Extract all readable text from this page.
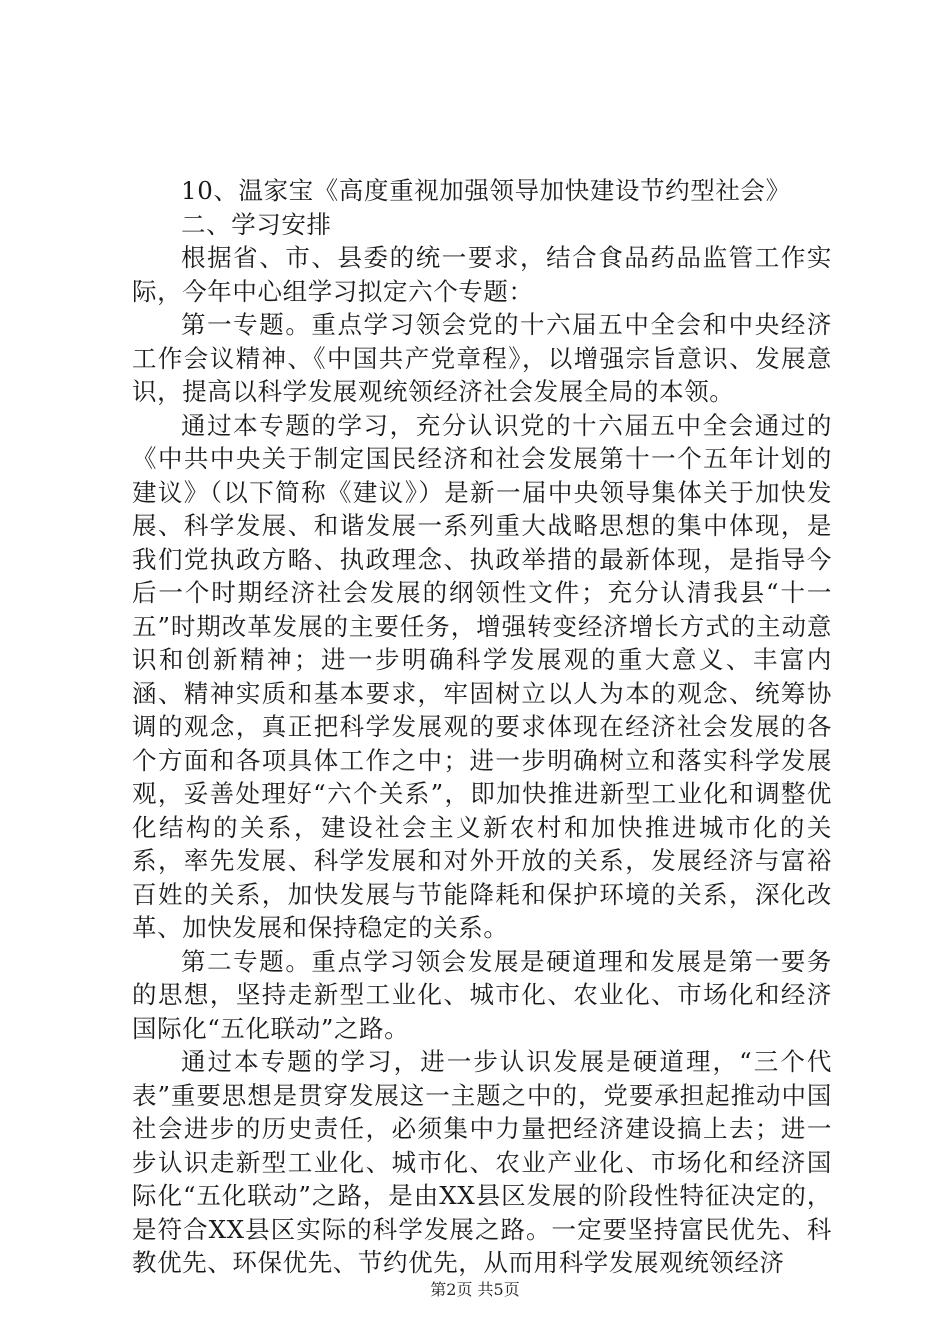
10、温家宝《高度重视加强领导加快建设节约型社会》

二、学习安排

根据省、市、县委的统一要求，结合食品药品监管工作实际，今年中心组学习拟定六个专题：

第一专题。重点学习领会党的十六届五中全会和中央经济工作会议精神、《中国共产党章程》，以增强宗旨意识、发展意识，提高以科学发展观统领经济社会发展全局的本领。

通过本专题的学习，充分认识党的十六届五中全会通过的《中共中央关于制定国民经济和社会发展第十一个五年计划的建议》（以下简称《建议》）是新一届中央领导集体关于加快发展、科学发展、和谐发展一系列重大战略思想的集中体现，是我们党执政方略、执政理念、执政举措的最新体现，是指导今后一个时期经济社会发展的纲领性文件；充分认清我县“十一五”时期改革发展的主要任务，增强转变经济增长方式的主动意识和创新精神；进一步明确科学发展观的重大意义、丰富内涵、精神实质和基本要求，牢固树立以人为本的观念、统筹协调的观念，真正把科学发展观的要求体现在经济社会发展的各个方面和各项具体工作之中；进一步明确树立和落实科学发展观，妥善处理好“六个关系”，即加快推进新型工业化和调整优化结构的关系，建设社会主义新农村和加快推进城市化的关系，率先发展、科学发展和对外开放的关系，发展经济与富裕百姓的关系，加快发展与节能降耗和保护环境的关系，深化改革、加快发展和保持稳定的关系。

第二专题。重点学习领会发展是硬道理和发展是第一要务的思想，坚持走新型工业化、城市化、农业化、市场化和经济国际化“五化联动”之路。

通过本专题的学习，进一步认识发展是硬道理，“三个代表”重要思想是贯穿发展这一主题之中的，党要承担起推动中国社会进步的历史责任，必须集中力量把经济建设搞上去；进一步认识走新型工业化、城市化、农业产业化、市场化和经济国际化“五化联动”之路，是由XX县区发展的阶段性特征决定的，是符合XX县区实际的科学发展之路。一定要坚持富民优先、科教优先、环保优先、节约优先，从而用科学发展观统领经济

第2页 共5页
